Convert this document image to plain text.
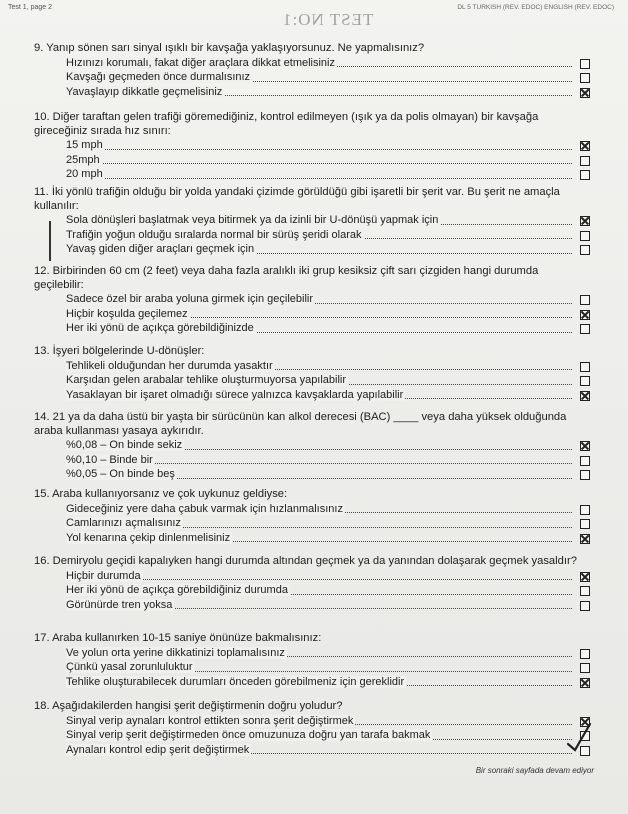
Test 1, page 2
TEST NO:1
DL 5 TURKISH (REV. EDOC) ENGLISH (REV. EDOC)

9. Yanıp sönen sarı sinyal ışıklı bir kavşağa yaklaşıyorsunuz. Ne yapmalısınız?

Hızınızı korumalı, fakat diğer araçlara dikkat etmelisiniz
Kavşağı geçmeden önce durmalısınız
Yavaşlayıp dikkatle geçmelisiniz

10. Diğer taraftan gelen trafiği göremediğiniz, kontrol edilmeyen (ışık ya da polis olmayan) bir kavşağa gireceğiniz sırada hız sınırı:

15 mph
25mph
20 mph

11. İki yönlü trafiğin olduğu bir yolda yandaki çizimde görüldüğü gibi işaretli bir şerit var. Bu şerit ne amaçla kullanılır:

Sola dönüşleri başlatmak veya bitirmek ya da izinli bir U-dönüşü yapmak için
Trafiğin yoğun olduğu sıralarda normal bir sürüş şeridi olarak
Yavaş giden diğer araçları geçmek için

12. Birbirinden 60 cm (2 feet) veya daha fazla aralıklı iki grup kesiksiz çift sarı çizgiden hangi durumda geçilebilir:

Sadece özel bir araba yoluna girmek için geçilebilir
Hiçbir koşulda geçilemez
Her iki yönü de açıkça görebildiğinizde

13. İşyeri bölgelerinde U-dönüşler:

Tehlikeli olduğundan her durumda yasaktır
Karşıdan gelen arabalar tehlike oluşturmuyorsa yapılabilir
Yasaklayan bir işaret olmadığı sürece yalnızca kavşaklarda yapılabilir

14. 21 ya da daha üstü bir yaşta bir sürücünün kan alkol derecesi (BAC) ____ veya daha yüksek olduğunda araba kullanması yasaya aykırıdır.

%0,08 – On binde sekiz
%0,10 – Binde bir
%0,05 – On binde beş

15. Araba kullanıyorsanız ve çok uykunuz geldiyse:

Gideceğiniz yere daha çabuk varmak için hızlanmalısınız
Camlarınızı açmalısınız
Yol kenarına çekip dinlenmelisiniz

16. Demiryolu geçidi kapalıyken hangi durumda altından geçmek ya da yanından dolaşarak geçmek yasaldır?

Hiçbir durumda
Her iki yönü de açıkça görebildiğiniz durumda
Görünürde tren yoksa

17. Araba kullanırken 10-15 saniye önünüze bakmalısınız:

Ve yolun orta yerine dikkatinizi toplamalısınız
Çünkü yasal zorunluluktur
Tehlike oluşturabilecek durumları önceden görebilmeniz için gereklidir

18. Aşağıdakilerden hangisi şerit değiştirmenin doğru yoludur?

Sinyal verip aynaları kontrol ettikten sonra şerit değiştirmek
Sinyal verip şerit değiştirmeden önce omuzunuza doğru yan tarafa bakmak
Aynaları kontrol edip şerit değiştirmek
Bir sonraki sayfada devam ediyor
